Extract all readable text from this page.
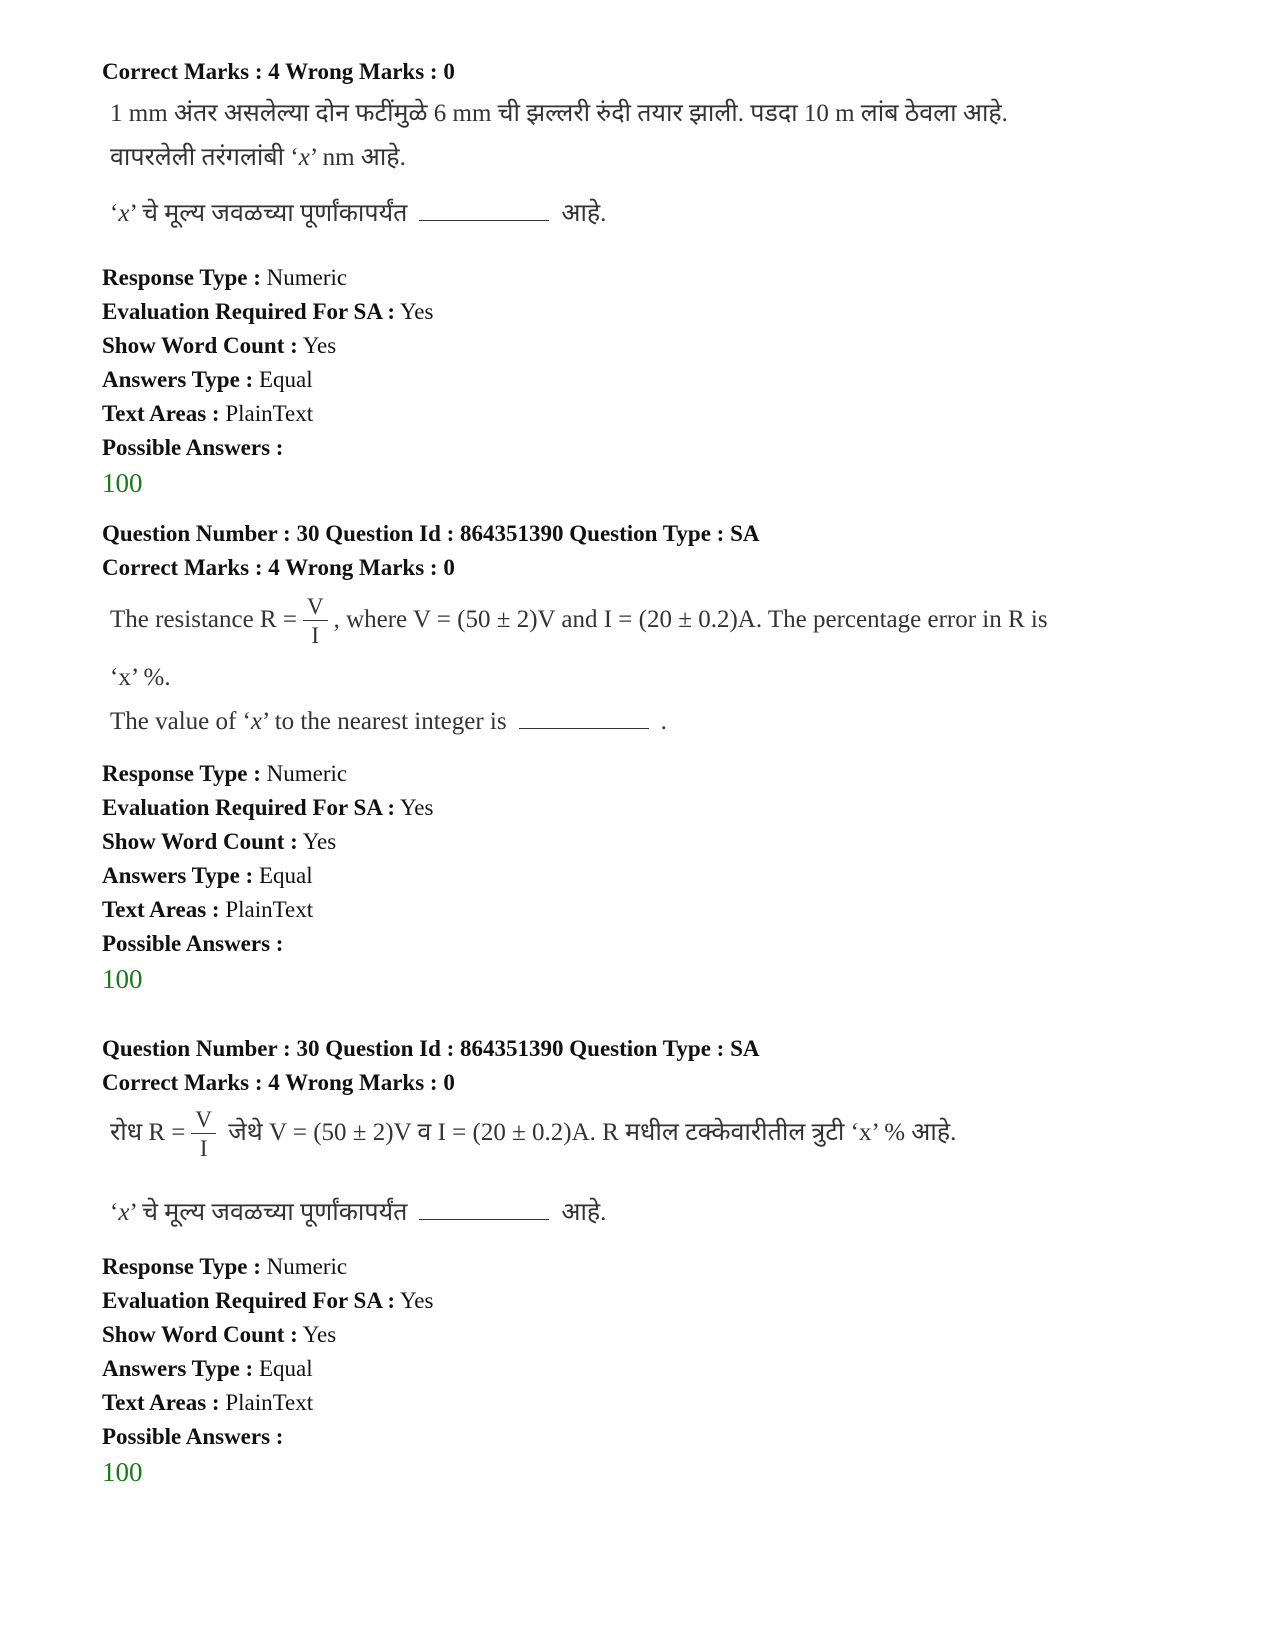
Correct Marks : 4 Wrong Marks : 0
1 mm अंतर असलेल्या दोन फटींमुळे 6 mm ची झल्लरी रुंदी तयार झाली. पडदा 10 m लांब ठेवला आहे.
वापरलेली तरंगलांबी ‘x’ nm आहे.
‘x’ चे मूल्य जवळच्या पूर्णांकापर्यंत	आहे.
Response Type : Numeric
Evaluation Required For SA : Yes
Show Word Count : Yes
Answers Type : Equal
Text Areas : PlainText
Possible Answers :
100
Question Number : 30 Question Id : 864351390 Question Type : SA
Correct Marks : 4 Wrong Marks : 0
The resistance $R = \frac{V}{I}$ , where V = (50 ± 2)V and I = (20 ± 0.2)A. The percentage error in R is
‘x’ %.
The value of ‘x’ to the nearest integer is	.
Response Type : Numeric
Evaluation Required For SA : Yes
Show Word Count : Yes
Answers Type : Equal
Text Areas : PlainText
Possible Answers :
100
Question Number : 30 Question Id : 864351390 Question Type : SA
Correct Marks : 4 Wrong Marks : 0
रोध $R = \frac{V}{I}$ जेथे V = (50 ± 2)V व I = (20 ± 0.2)A. R मधील टक्केवारीतील त्रुटी ‘x’ % आहे.
‘x’ चे मूल्य जवळच्या पूर्णांकापर्यंत	आहे.
Response Type : Numeric
Evaluation Required For SA : Yes
Show Word Count : Yes
Answers Type : Equal
Text Areas : PlainText
Possible Answers :
100
